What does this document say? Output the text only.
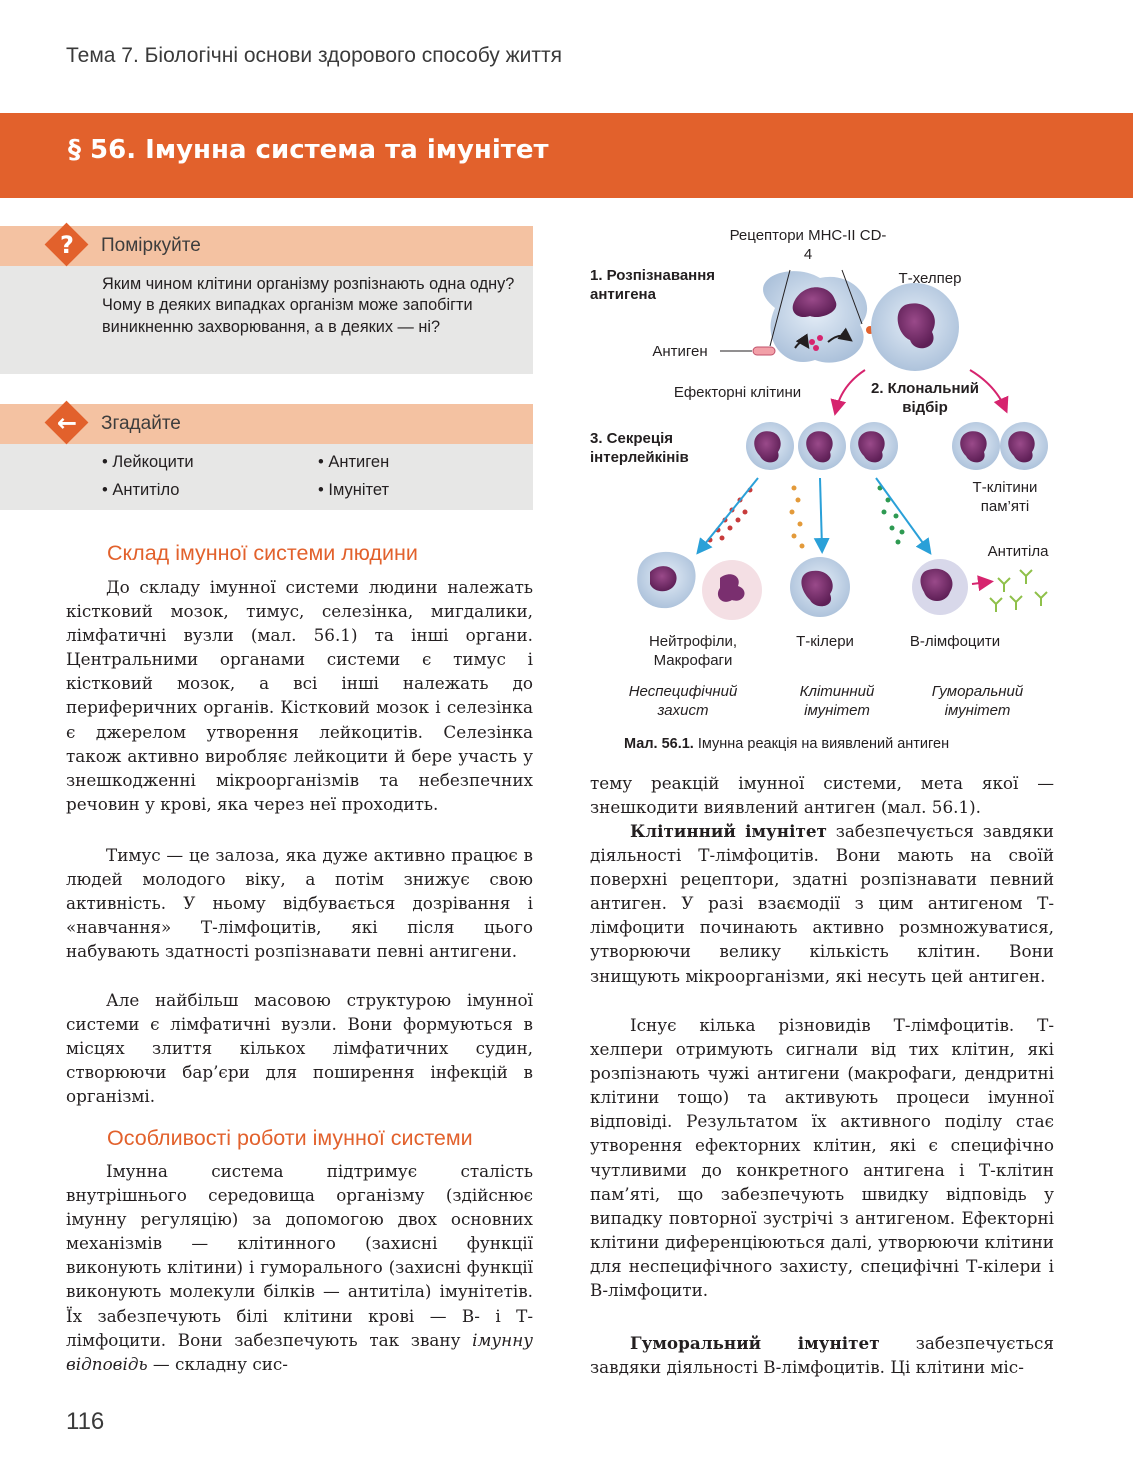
Тема 7. Біологічні основи здорового способу життя
§ 56. Імунна система та імунітет
?	Поміркуйте

Яким чином клітини організму розпізнають одна одну? Чому в деяких випадках організм може запобігти виникненню захворювання, а в деяких — ні?

←	Згадайте
• Лейкоцити	• Антиген
• Антитіло	• Імунітет
Склад імунної системи людини

До складу імунної системи людини належать кістковий мозок, тимус, селезінка, мигдалики, лімфатичні вузли (мал. 56.1) та інші органи. Центральними органами системи є тимус і кістковий мозок, а всі інші належать до периферичних органів. Кістковий мозок і селезінка є джерелом утворення лейкоцитів. Селезінка також активно виробляє лейкоцити й бере участь у знешкодженні мікроорганізмів та небезпечних речовин у крові, яка через неї проходить.

Тимус — це залоза, яка дуже активно працює в людей молодого віку, а потім знижує свою активність. У ньому відбувається дозрівання і «навчання» Т-лімфоцитів, які після цього набувають здатності розпізнавати певні антигени.

Але найбільш масовою структурою імунної системи є лімфатичні вузли. Вони формуються в місцях злиття кількох лімфатичних судин, створюючи бар’єри для поширення інфекцій в організмі.

Особливості роботи імунної системи

Імунна система підтримує сталість внутрішнього середовища організму (здійснює імунну регуляцію) за допомогою двох основних механізмів — клітинного (захисні функції виконують клітини) і гуморального (захисні функції виконують молекули білків — антитіла) імунітетів. Їх забезпечують білі клітини крові — В- і Т-лімфоцити. Вони забезпечують так звану імунну відповідь — складну сис-

Рецептори МНС-II CD-4
1. Розпізнавання антигена
Т-хелпер
Антиген
Ефекторні клітини	2. Клональний відбір
3. Секреція інтерлейкінів
Т-клітини пам’яті
Антитіла
Нейтрофіли, Макрофаги
Т-кілери	В-лімфоцити
Неспецифічний захист
Клітинний імунітет
Гуморальний імунітет
Мал. 56.1. Імунна реакція на виявлений антиген

тему реакцій імунної системи, мета якої — знешкодити виявлений антиген (мал. 56.1).

Клітинний імунітет забезпечується завдяки діяльності Т-лімфоцитів. Вони мають на своїй поверхні рецептори, здатні розпізнавати певний антиген. У разі взаємодії з цим антигеном Т-лімфоцити починають активно розмножуватися, утворюючи велику кількість клітин. Вони знищують мікроорганізми, які несуть цей антиген.

Існує кілька різновидів Т-лімфоцитів. Т-хелпери отримують сигнали від тих клітин, які розпізнають чужі антигени (макрофаги, дендритні клітини тощо) та активують процеси імунної відповіді. Результатом їх активного поділу стає утворення ефекторних клітин, які є специфічно чутливими до конкретного антигена і Т-клітин пам’яті, що забезпечують швидку відповідь у випадку повторної зустрічі з антигеном. Ефекторні клітини диференціюються далі, утворюючи клітини для неспецифічного захисту, специфічні Т-кілери і В-лімфоцити.

Гуморальний імунітет забезпечується завдяки діяльності В-лімфоцитів. Ці клітини міс-

116
